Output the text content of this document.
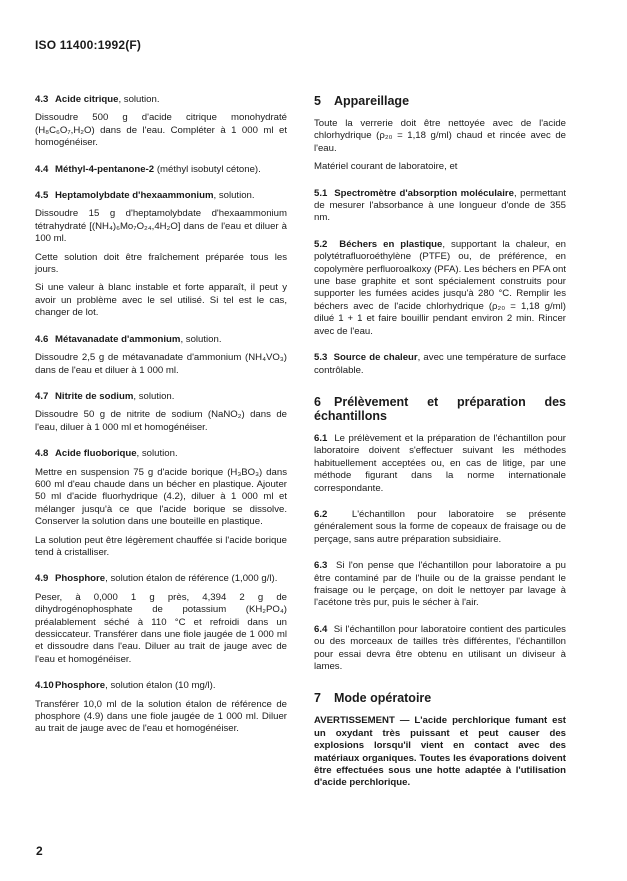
ISO 11400:1992(F)

4.3 Acide citrique, solution.

Dissoudre 500 g d'acide citrique monohydraté (H₈C₆O₇,H₂O) dans de l'eau. Compléter à 1 000 ml et homogénéiser.

4.4 Méthyl-4-pentanone-2 (méthyl isobutyl cétone).

4.5 Heptamolybdate d'hexaammonium, solution.

Dissoudre 15 g d'heptamolybdate d'hexaammonium tétrahydraté [(NH₄)₆Mo₇O₂₄,4H₂O] dans de l'eau et diluer à 100 ml.

Cette solution doit être fraîchement préparée tous les jours.

Si une valeur à blanc instable et forte apparaît, il peut y avoir un problème avec le sel utilisé. Si tel est le cas, changer de lot.

4.6 Métavanadate d'ammonium, solution.

Dissoudre 2,5 g de métavanadate d'ammonium (NH₄VO₃) dans de l'eau et diluer à 1 000 ml.

4.7 Nitrite de sodium, solution.

Dissoudre 50 g de nitrite de sodium (NaNO₂) dans de l'eau, diluer à 1 000 ml et homogénéiser.

4.8 Acide fluoborique, solution.

Mettre en suspension 75 g d'acide borique (H₃BO₃) dans 600 ml d'eau chaude dans un bécher en plastique. Ajouter 50 ml d'acide fluorhydrique (4.2), diluer à 1 000 ml et mélanger jusqu'à ce que l'acide borique se dissolve. Conserver la solution dans une bouteille en plastique.

La solution peut être légèrement chauffée si l'acide borique tend à cristalliser.

4.9 Phosphore, solution étalon de référence (1,000 g/l).

Peser, à 0,000 1 g près, 4,394 2 g de dihydrogénophosphate de potassium (KH₂PO₄) préalablement séché à 110 °C et refroidi dans un dessiccateur. Transférer dans une fiole jaugée de 1 000 ml et dissoudre dans l'eau. Diluer au trait de jauge avec de l'eau et homogénéiser.

4.10Phosphore, solution étalon (10 mg/l).

Transférer 10,0 ml de la solution étalon de référence de phosphore (4.9) dans une fiole jaugée de 1 000 ml. Diluer au trait de jauge avec de l'eau et homogénéiser.

5 Appareillage

Toute la verrerie doit être nettoyée avec de l'acide chlorhydrique (ρ₂₀ = 1,18 g/ml) chaud et rincée avec de l'eau.

Matériel courant de laboratoire, et

5.1 Spectromètre d'absorption moléculaire, permettant de mesurer l'absorbance à une longueur d'onde de 355 nm.

5.2 Béchers en plastique, supportant la chaleur, en polytétrafluoroéthylène (PTFE) ou, de préférence, en copolymère perfluoroalkoxy (PFA). Les béchers en PFA ont une base graphite et sont spécialement construits pour supporter les fumées acides jusqu'à 280 °C. Remplir les béchers avec de l'acide chlorhydrique (ρ₂₀ = 1,18 g/ml) dilué 1 + 1 et faire bouillir pendant environ 2 min. Rincer avec de l'eau.

5.3 Source de chaleur, avec une température de surface contrôlable.

6 Prélèvement et préparation des échantillons

6.1 Le prélèvement et la préparation de l'échantillon pour laboratoire doivent s'effectuer suivant les méthodes habituellement acceptées ou, en cas de litige, par une méthode figurant dans la norme internationale correspondante.

6.2	L'échantillon pour laboratoire se présente généralement sous la forme de copeaux de fraisage ou de perçage, sans autre préparation subsidiaire.

6.3 Si l'on pense que l'échantillon pour laboratoire a pu être contaminé par de l'huile ou de la graisse pendant le fraisage ou le perçage, on doit le nettoyer par lavage à l'acétone très pur, puis le sécher à l'air.

6.4 Si l'échantillon pour laboratoire contient des particules ou des morceaux de tailles très différentes, l'échantillon pour essai devra être obtenu en utilisant un diviseur à lames.

7 Mode opératoire

AVERTISSEMENT — L'acide perchlorique fumant est un oxydant très puissant et peut causer des explosions lorsqu'il vient en contact avec des matériaux organiques. Toutes les évaporations doivent être effectuées sous une hotte adaptée à l'utilisation d'acide perchlorique.

2
